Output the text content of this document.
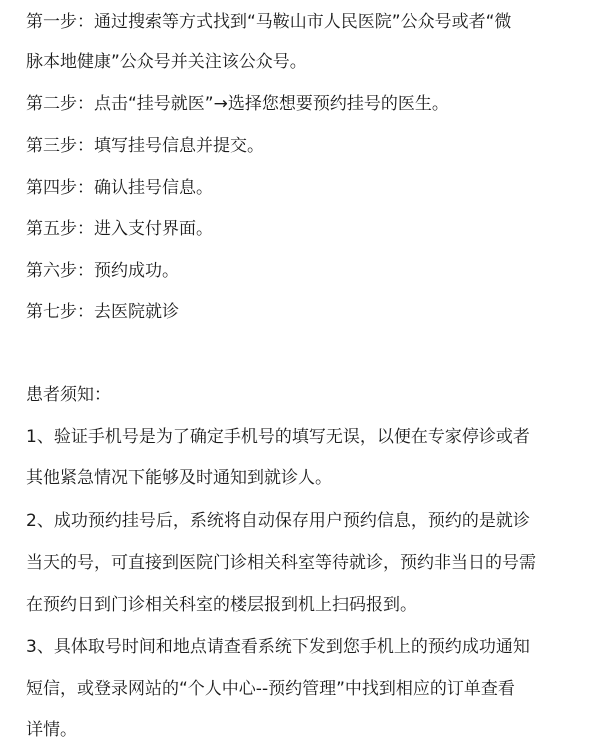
第一步：通过搜索等方式找到“马鞍山市人民医院”公众号或者“微
脉本地健康”公众号并关注该公众号。
第二步：点击“挂号就医”→选择您想要预约挂号的医生。
第三步：填写挂号信息并提交。
第四步：确认挂号信息。
第五步：进入支付界面。
第六步：预约成功。
第七步：去医院就诊
患者须知：
1、验证手机号是为了确定手机号的填写无误，以便在专家停诊或者
其他紧急情况下能够及时通知到就诊人。
2、成功预约挂号后，系统将自动保存用户预约信息，预约的是就诊
当天的号，可直接到医院门诊相关科室等待就诊，预约非当日的号需
在预约日到门诊相关科室的楼层报到机上扫码报到。
3、具体取号时间和地点请查看系统下发到您手机上的预约成功通知
短信，或登录网站的“个人中心--预约管理”中找到相应的订单查看
详情。
